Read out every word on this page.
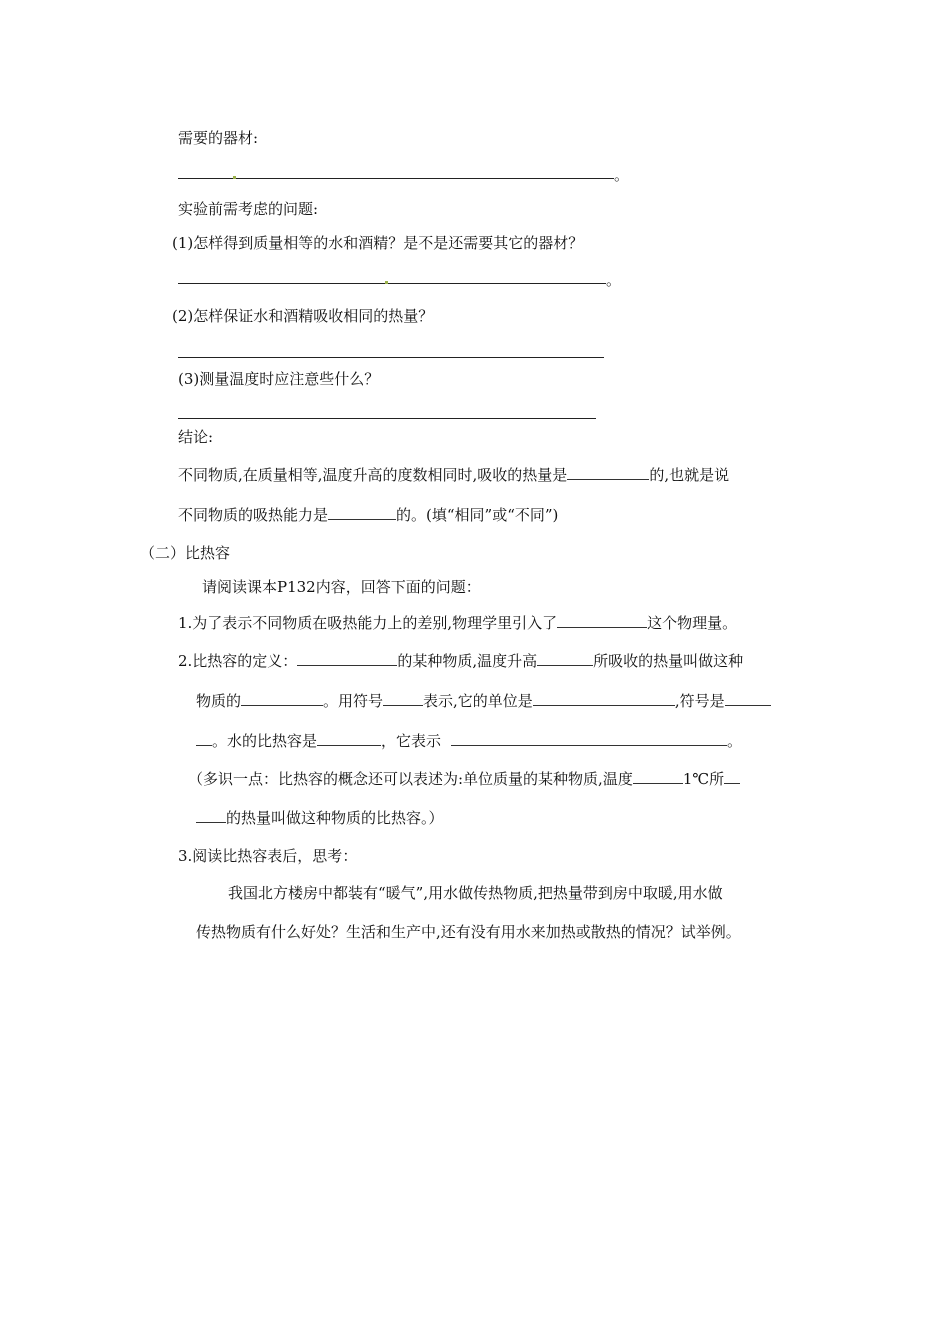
需要的器材:
。
实验前需考虑的问题:
(1)怎样得到质量相等的水和酒精？是不是还需要其它的器材？
。
(2)怎样保证水和酒精吸收相同的热量？
(3)测量温度时应注意些什么？
结论:
不同物质,在质量相等,温度升高的度数相同时,吸收的热量是	的,也就是说
不同物质的吸热能力是	的。(填“相同”或“不同”)
（二）比热容
请阅读课本P132内容，回答下面的问题：
1.为了表示不同物质在吸热能力上的差别,物理学里引入了	这个物理量。
2.比热容的定义：	的某种物质,温度升高	所吸收的热量叫做这种
物质的	。用符号	表示,它的单位是	,符号是
。水的比热容是	，它表示	。
（多识一点：比热容的概念还可以表述为:单位质量的某种物质,温度	1℃所
的热量叫做这种物质的比热容。）
3.阅读比热容表后，思考：
我国北方楼房中都装有“暖气”,用水做传热物质,把热量带到房中取暖,用水做
传热物质有什么好处？生活和生产中,还有没有用水来加热或散热的情况？试举例。
